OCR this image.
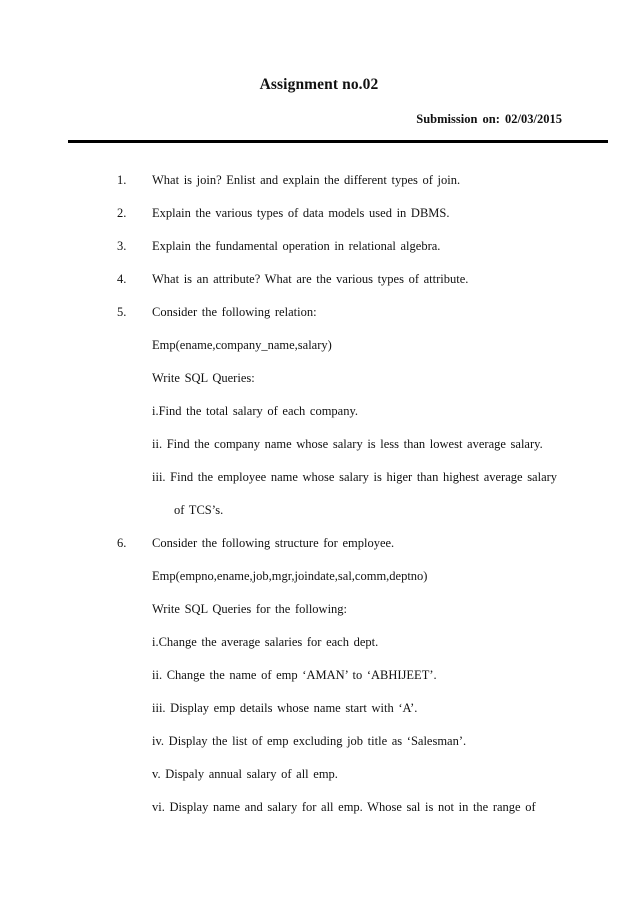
Assignment no.02
Submission on: 02/03/2015
1.	What is join? Enlist and explain the different types of join.
2.	Explain the various types of data models used in DBMS.
3.	Explain the fundamental operation in relational algebra.
4.	What is an attribute? What are the various types of attribute.
5.	Consider the following relation:
Emp(ename,company_name,salary)
Write SQL Queries:
i.Find the total salary of each company.
ii. Find the company name whose salary is less than lowest average salary.
iii. Find the employee name whose salary is higer than highest average salary
of TCS’s.
6.	Consider the following structure for employee.
Emp(empno,ename,job,mgr,joindate,sal,comm,deptno)
Write SQL Queries for the following:
i.Change the average salaries for each dept.
ii. Change the name of emp ‘AMAN’ to ‘ABHIJEET’.
iii. Display emp details whose name start with ‘A’.
iv. Display the list of emp excluding job title as ‘Salesman’.
v. Dispaly annual salary of all emp.
vi. Display name and salary for all emp. Whose sal is not in the range of
